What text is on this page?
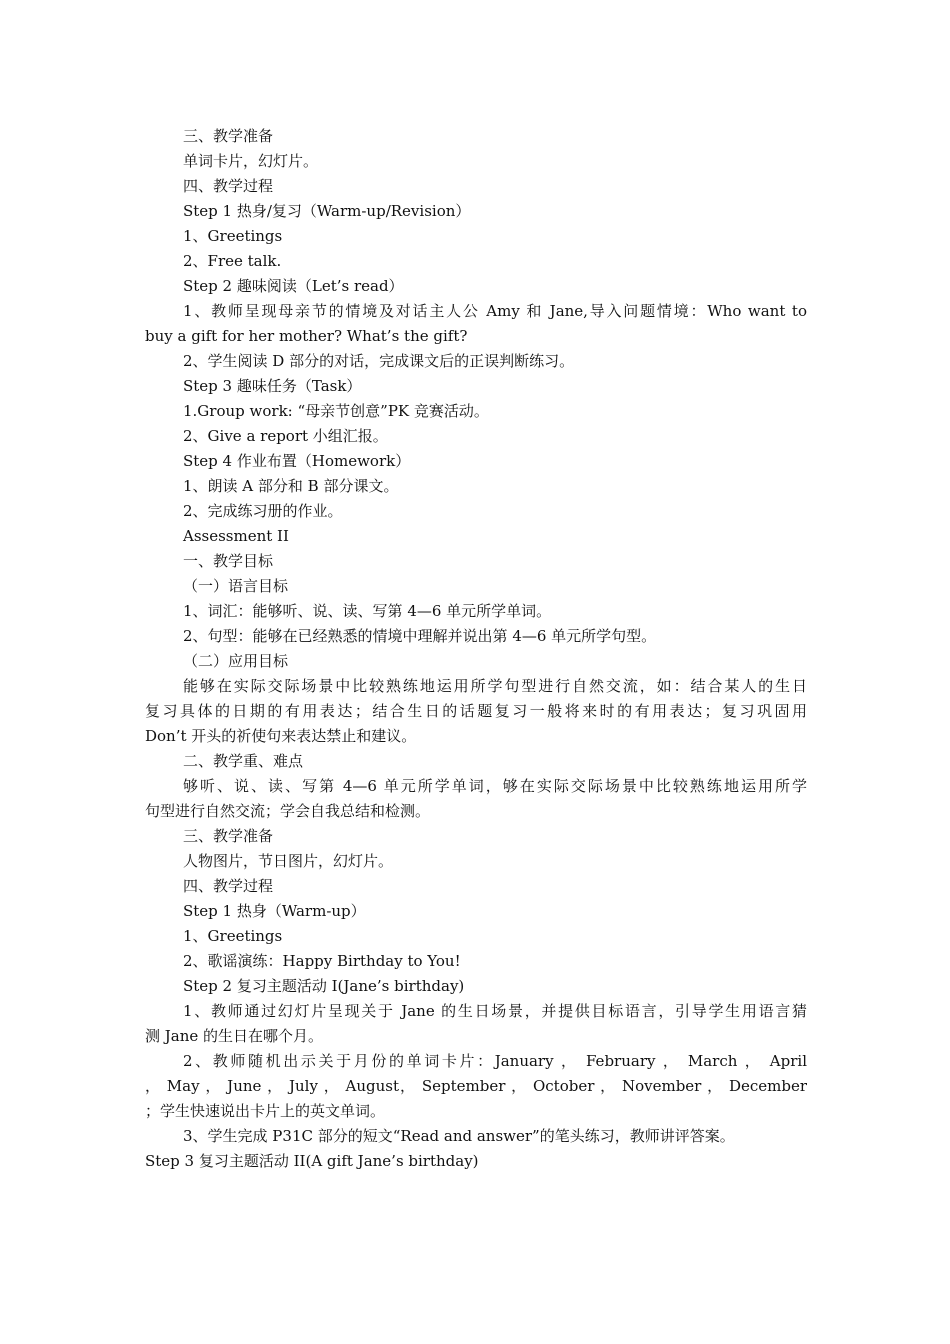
三、教学准备
单词卡片，幻灯片。
四、教学过程
Step 1 热身/复习（Warm-up/Revision）
1、Greetings
2、Free talk.
Step 2 趣味阅读（Let’s read）
1、教师呈现母亲节的情境及对话主人公 Amy 和 Jane,导入问题情境：Who want to
buy a gift for her mother? What’s the gift?
2、学生阅读 D 部分的对话，完成课文后的正误判断练习。
Step 3 趣味任务（Task）
1.Group work: “母亲节创意”PK 竞赛活动。
2、Give a report 小组汇报。
Step 4 作业布置（Homework）
1、朗读 A 部分和 B 部分课文。
2、完成练习册的作业。
Assessment II
一、教学目标
（一）语言目标
1、词汇：能够听、说、读、写第 4—6 单元所学单词。
2、句型：能够在已经熟悉的情境中理解并说出第 4—6 单元所学句型。
（二）应用目标
能够在实际交际场景中比较熟练地运用所学句型进行自然交流，如：结合某人的生日
复习具体的日期的有用表达；结合生日的话题复习一般将来时的有用表达；复习巩固用
Don’t 开头的祈使句来表达禁止和建议。
二、教学重、难点
够听、说、读、写第 4—6 单元所学单词，够在实际交际场景中比较熟练地运用所学
句型进行自然交流；学会自我总结和检测。
三、教学准备
人物图片，节日图片，幻灯片。
四、教学过程
Step 1 热身（Warm-up）
1、Greetings
2、歌谣演练：Happy Birthday to You!
Step 2 复习主题活动 I(Jane’s birthday)
1、教师通过幻灯片呈现关于 Jane 的生日场景，并提供目标语言，引导学生用语言猜
测 Jane 的生日在哪个月。
2、教师随机出示关于月份的单词卡片：January ， February ， March ， April
， May ， June ， July ， August， September ， October ， November ， December
；学生快速说出卡片上的英文单词。
3、学生完成 P31C 部分的短文“Read and answer”的笔头练习，教师讲评答案。
Step 3 复习主题活动 II(A gift Jane’s birthday)
